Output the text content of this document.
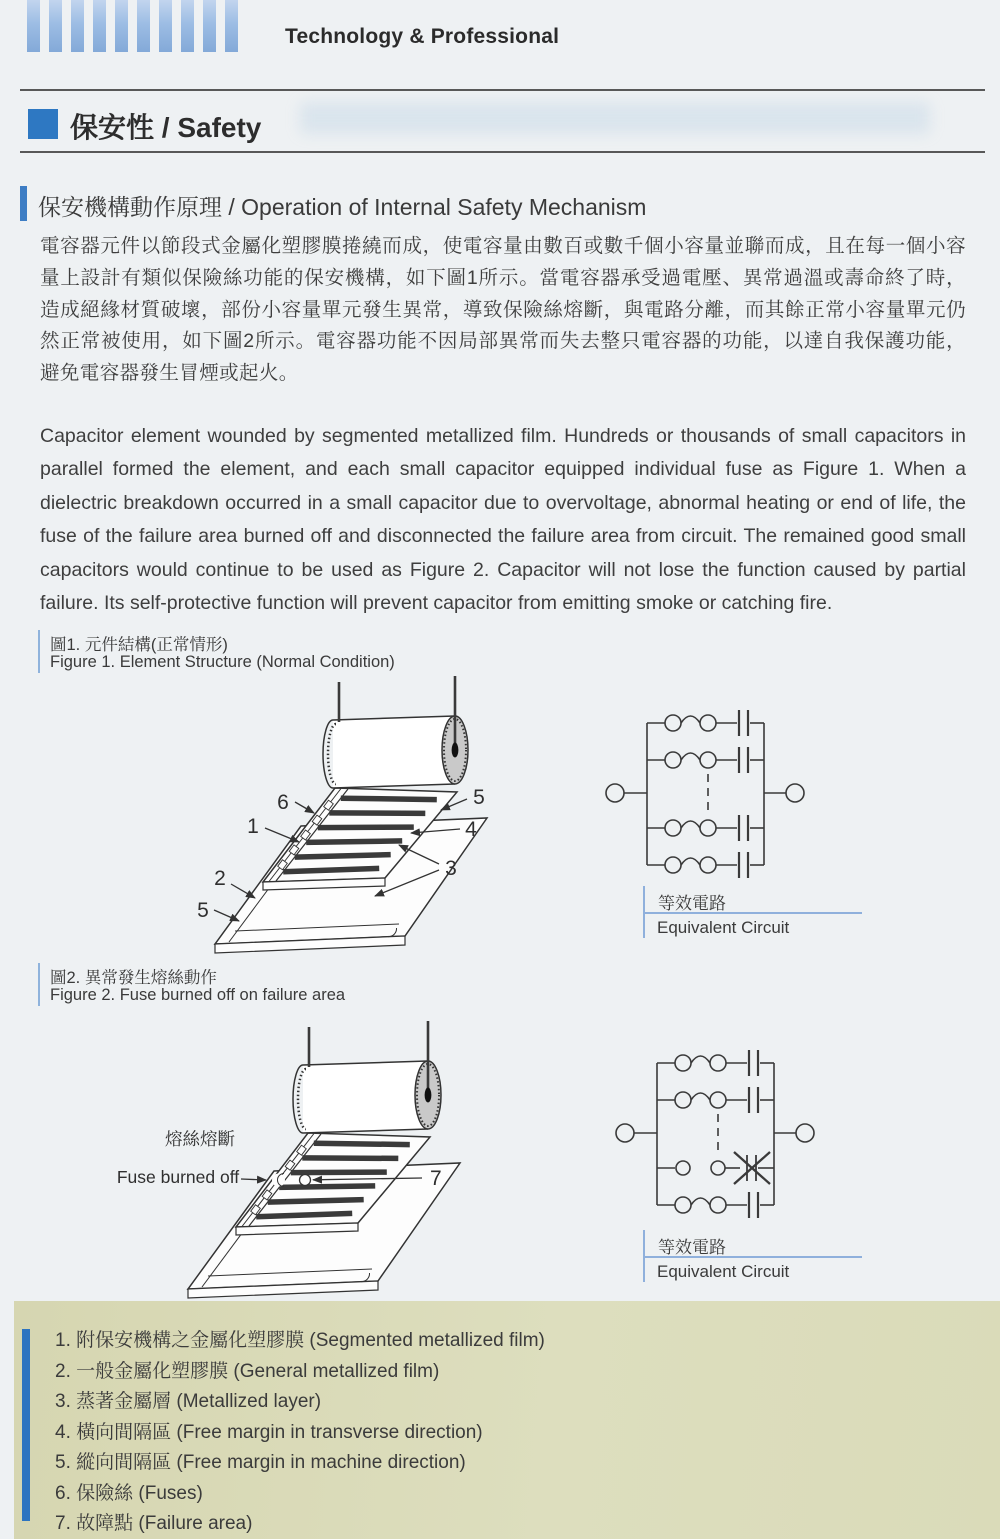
Technology & Professional
保安性 / Safety
保安機構動作原理 / Operation of Internal Safety Mechanism
電容器元件以節段式金屬化塑膠膜捲繞而成，使電容量由數百或數千個小容量並聯而成，且在每一個小容量上設計有類似保險絲功能的保安機構，如下圖1所示。當電容器承受過電壓、異常過溫或壽命終了時，造成絕緣材質破壞，部份小容量單元發生異常，導致保險絲熔斷，與電路分離，而其餘正常小容量單元仍然正常被使用，如下圖2所示。電容器功能不因局部異常而失去整只電容器的功能，以達自我保護功能，避免電容器發生冒煙或起火。
Capacitor element wounded by segmented metallized film. Hundreds or thousands of small capacitors in parallel formed the element, and each small capacitor equipped individual fuse as Figure 1. When a dielectric breakdown occurred in a small capacitor due to overvoltage, abnormal heating or end of life, the fuse of the failure area burned off and disconnected the failure area from circuit. The remained good small capacitors would continue to be used as Figure 2. Capacitor will not lose the function caused by partial failure. Its self-protective function will prevent capacitor from emitting smoke or catching fire.
圖1. 元件結構(正常情形)
Figure 1. Element Structure (Normal Condition)
6
1
2
5
5
4
3
等效電路
Equivalent Circuit
圖2. 異常發生熔絲動作
Figure 2. Fuse burned off on failure area
熔絲熔斷
Fuse burned off	7
等效電路
Equivalent Circuit
1. 附保安機構之金屬化塑膠膜 (Segmented metallized film)
2. 一般金屬化塑膠膜 (General metallized film)
3. 蒸著金屬層 (Metallized layer)
4. 橫向間隔區 (Free margin in transverse direction)
5. 縱向間隔區 (Free margin in machine direction)
6. 保險絲 (Fuses)
7. 故障點 (Failure area)
